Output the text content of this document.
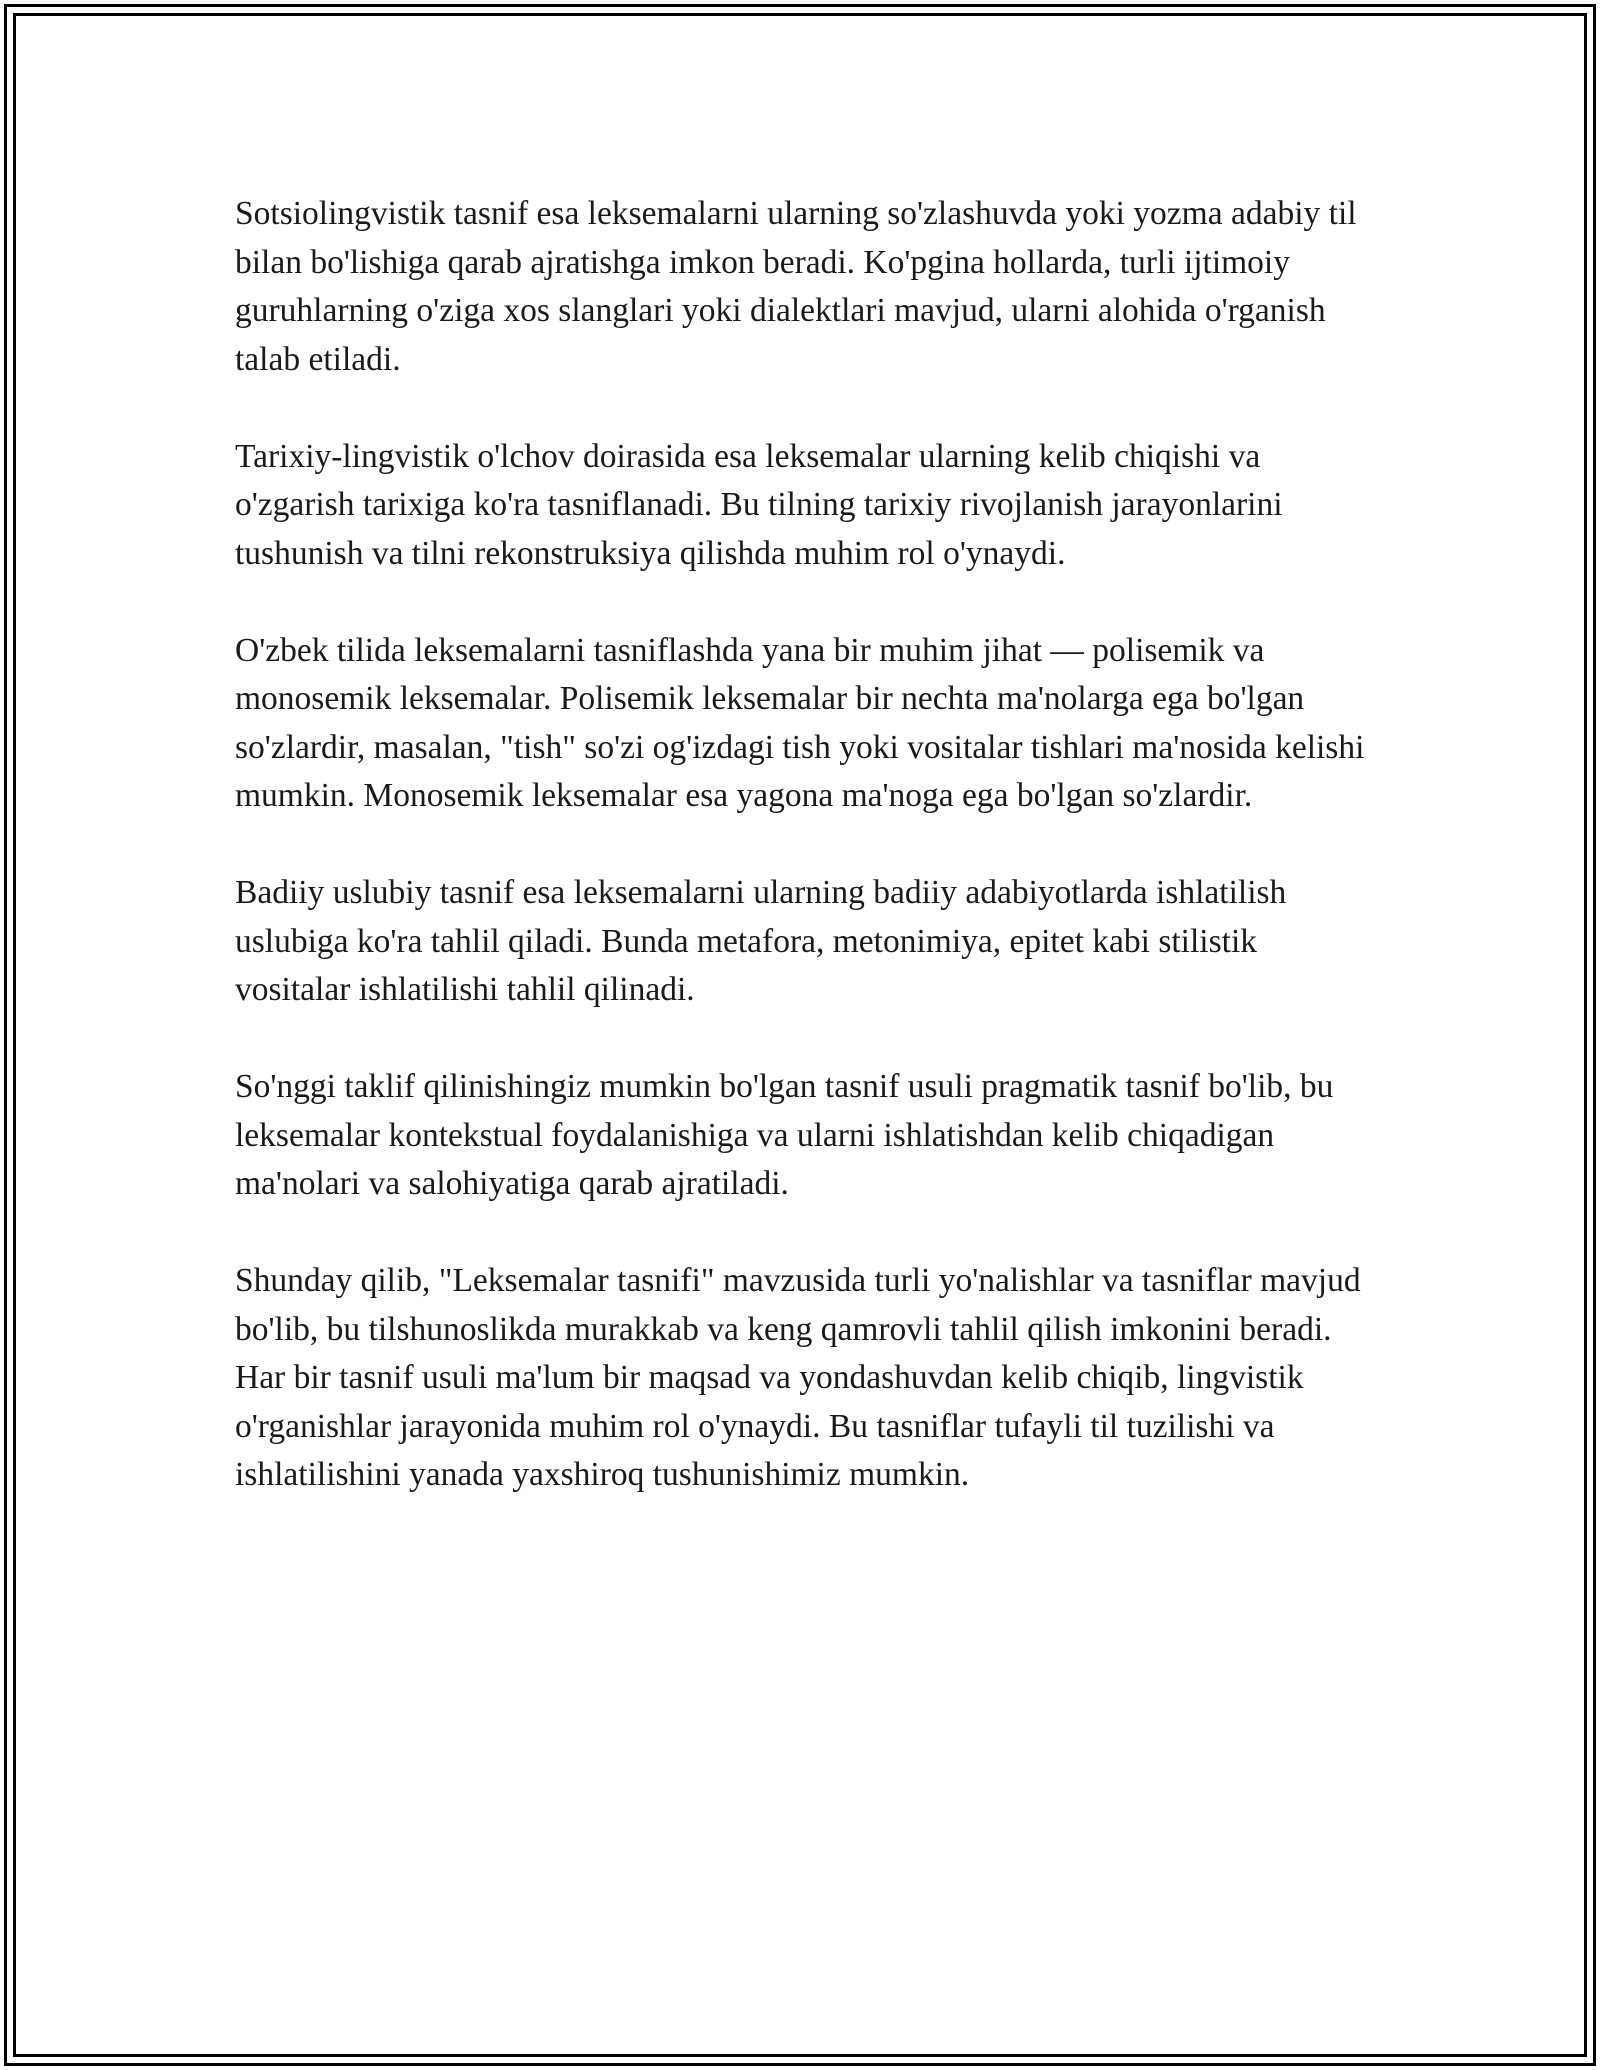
Sotsiolingvistik tasnif esa leksemalarni ularning so'zlashuvda yoki yozma adabiy til bilan bo'lishiga qarab ajratishga imkon beradi. Ko'pgina hollarda, turli ijtimoiy guruhlarning o'ziga xos slanglari yoki dialektlari mavjud, ularni alohida o'rganish talab etiladi.

Tarixiy-lingvistik o'lchov doirasida esa leksemalar ularning kelib chiqishi va o'zgarish tarixiga ko'ra tasniflanadi. Bu tilning tarixiy rivojlanish jarayonlarini tushunish va tilni rekonstruksiya qilishda muhim rol o'ynaydi.

O'zbek tilida leksemalarni tasniflashda yana bir muhim jihat — polisemik va monosemik leksemalar. Polisemik leksemalar bir nechta ma'nolarga ega bo'lgan so'zlardir, masalan, "tish" so'zi og'izdagi tish yoki vositalar tishlari ma'nosida kelishi mumkin. Monosemik leksemalar esa yagona ma'noga ega bo'lgan so'zlardir.

Badiiy uslubiy tasnif esa leksemalarni ularning badiiy adabiyotlarda ishlatilish uslubiga ko'ra tahlil qiladi. Bunda metafora, metonimiya, epitet kabi stilistik vositalar ishlatilishi tahlil qilinadi.

So'nggi taklif qilinishingiz mumkin bo'lgan tasnif usuli pragmatik tasnif bo'lib, bu leksemalar kontekstual foydalanishiga va ularni ishlatishdan kelib chiqadigan ma'nolari va salohiyatiga qarab ajratiladi.

Shunday qilib, "Leksemalar tasnifi" mavzusida turli yo'nalishlar va tasniflar mavjud bo'lib, bu tilshunoslikda murakkab va keng qamrovli tahlil qilish imkonini beradi. Har bir tasnif usuli ma'lum bir maqsad va yondashuvdan kelib chiqib, lingvistik o'rganishlar jarayonida muhim rol o'ynaydi. Bu tasniflar tufayli til tuzilishi va ishlatilishini yanada yaxshiroq tushunishimiz mumkin.
